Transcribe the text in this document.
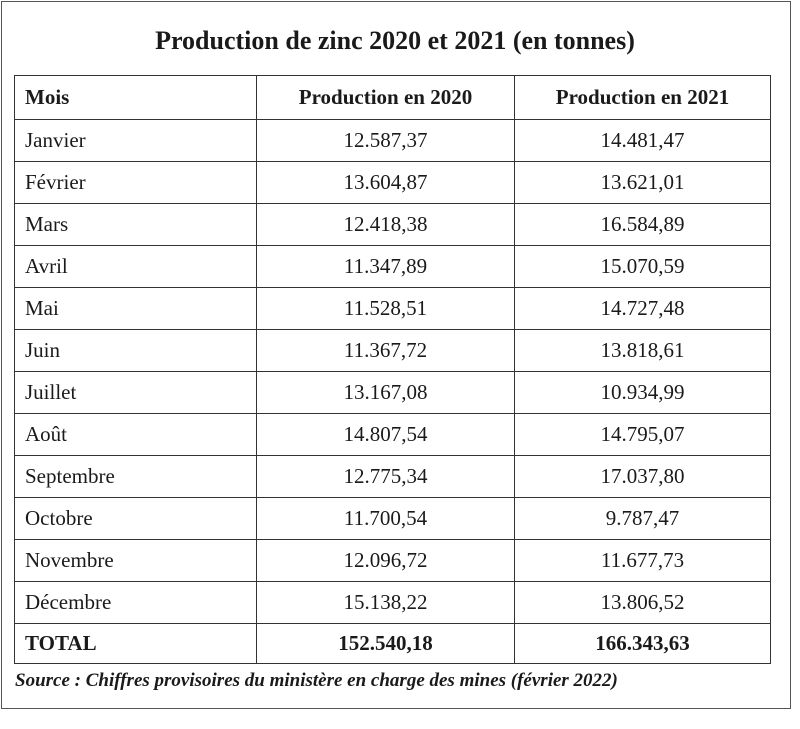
Production de zinc 2020 et 2021 (en tonnes)
Mois	Production en 2020	Production en 2021
Janvier	12.587,37	14.481,47
Février	13.604,87	13.621,01
Mars	12.418,38	16.584,89
Avril	11.347,89	15.070,59
Mai	11.528,51	14.727,48
Juin	11.367,72	13.818,61
Juillet	13.167,08	10.934,99
Août	14.807,54	14.795,07
Septembre	12.775,34	17.037,80
Octobre	11.700,54	9.787,47
Novembre	12.096,72	11.677,73
Décembre	15.138,22	13.806,52
TOTAL	152.540,18	166.343,63
Source : Chiffres provisoires du ministère en charge des mines (février 2022)
